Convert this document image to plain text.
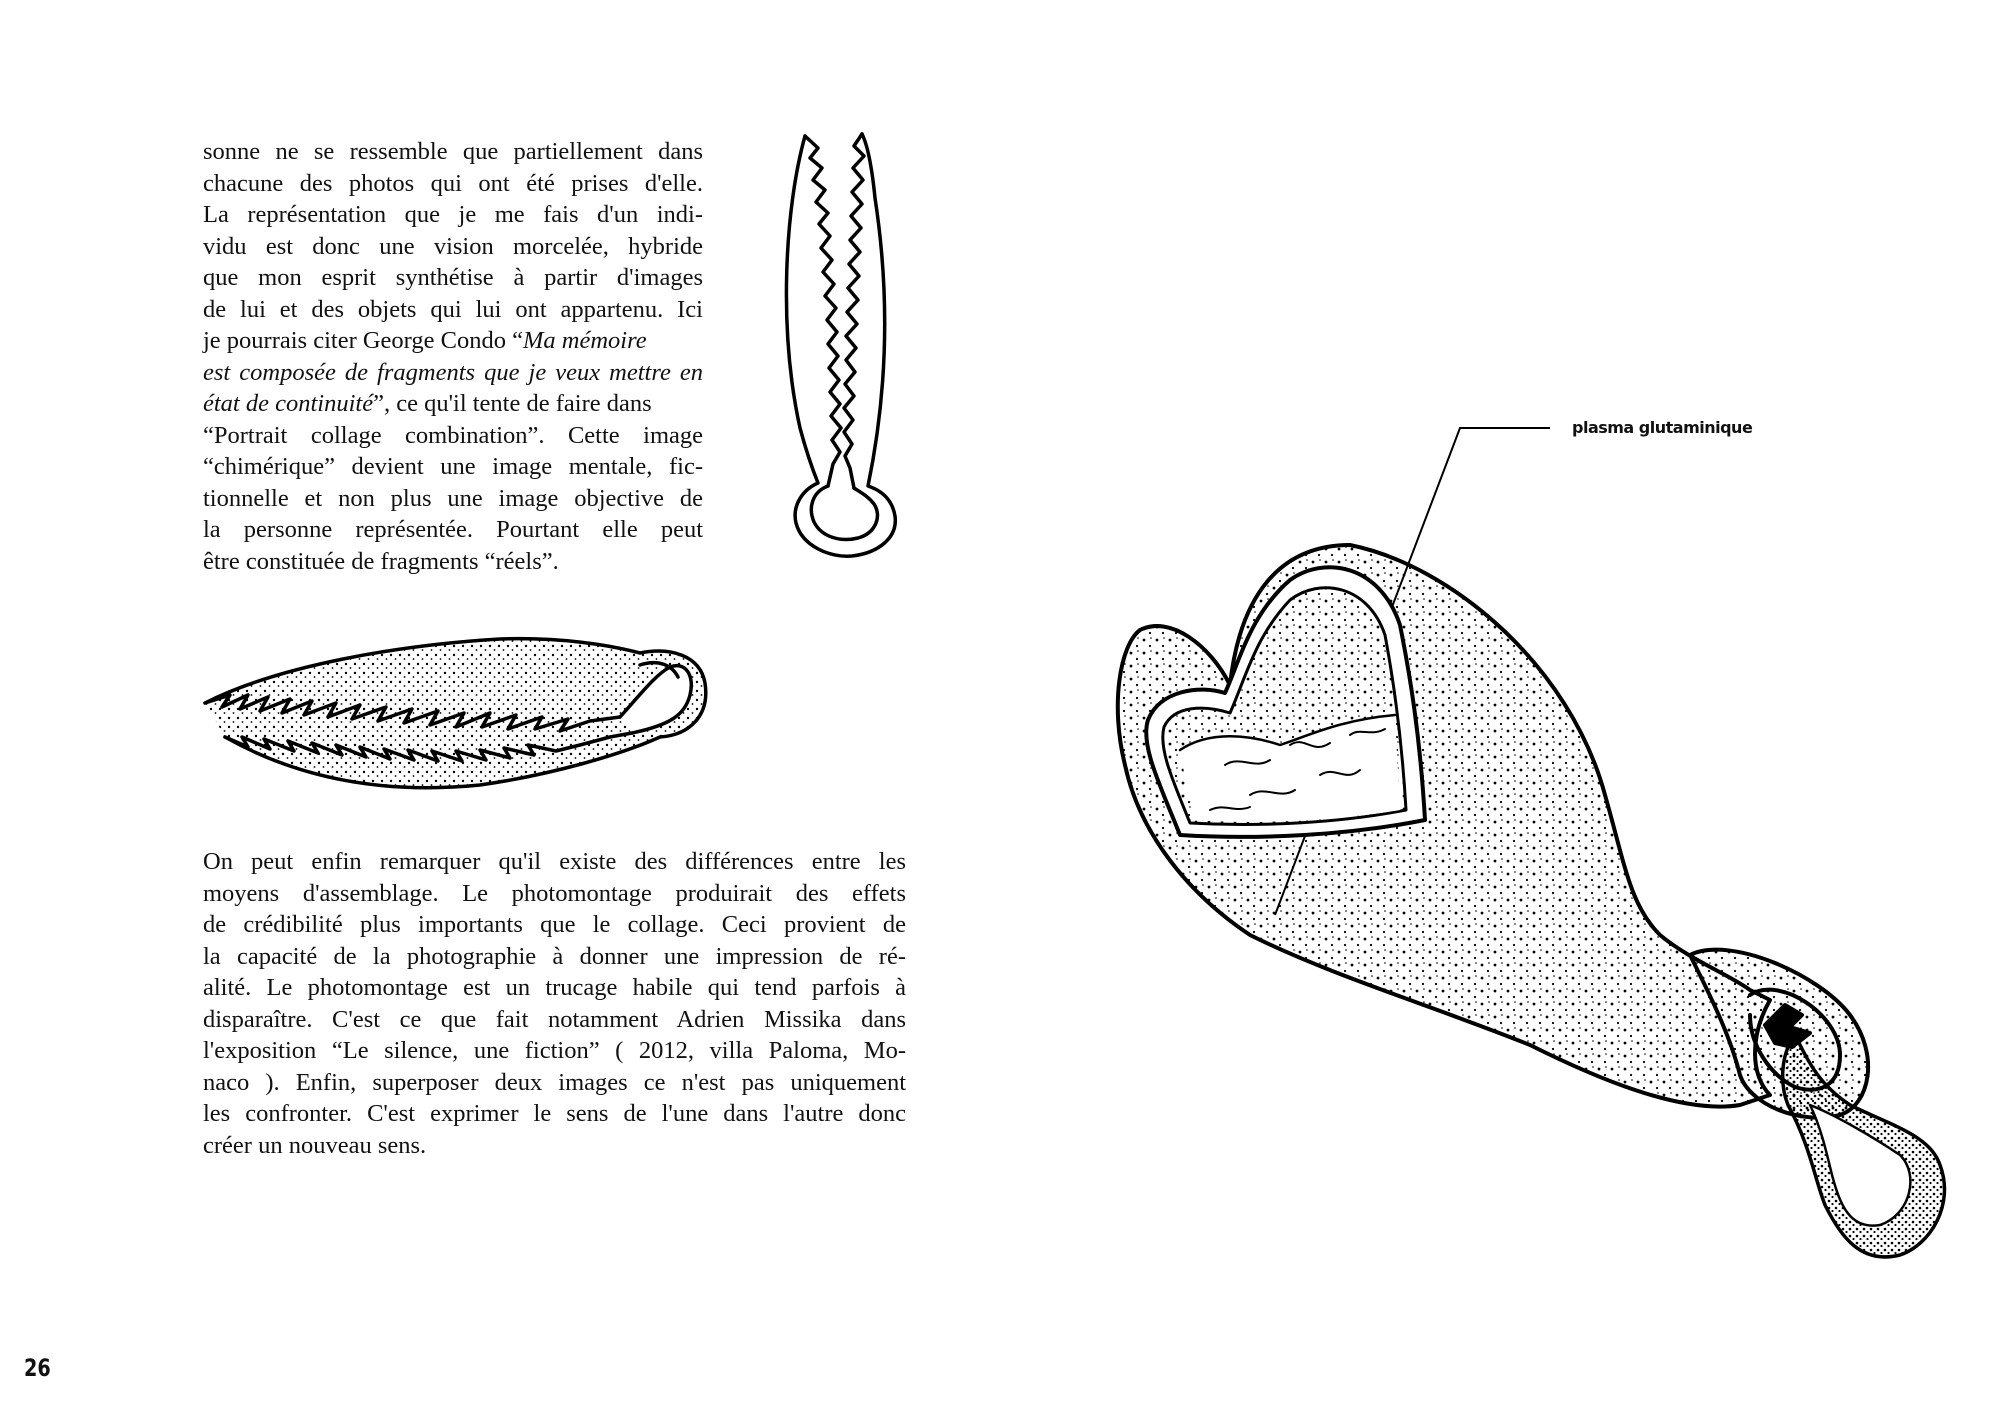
sonne ne se ressemble que partiellement dans
chacune des photos qui ont été prises d'elle.
La représentation que je me fais d'un indi-
vidu est donc une vision morcelée, hybride
que mon esprit synthétise à partir d'images
de lui et des objets qui lui ont appartenu. Ici
je pourrais citer George Condo “Ma mémoire
est composée de fragments que je veux mettre en
état de continuité”, ce qu'il tente de faire dans
“Portrait collage combination”. Cette image
“chimérique” devient une image mentale, fic-
tionnelle et non plus une image objective de
la personne représentée. Pourtant elle peut
être constituée de fragments “réels”.
On peut enfin remarquer qu'il existe des différences entre les
moyens d'assemblage. Le photomontage produirait des effets
de crédibilité plus importants que le collage. Ceci provient de
la capacité de la photographie à donner une impression de ré-
alité. Le photomontage est un trucage habile qui tend parfois à
disparaître. C'est ce que fait notamment Adrien Missika dans
l'exposition “Le silence, une fiction” ( 2012, villa Paloma, Mo-
naco ). Enfin, superposer deux images ce n'est pas uniquement
les confronter. C'est exprimer le sens de l'une dans l'autre donc
créer un nouveau sens.
plasma glutaminique
26
